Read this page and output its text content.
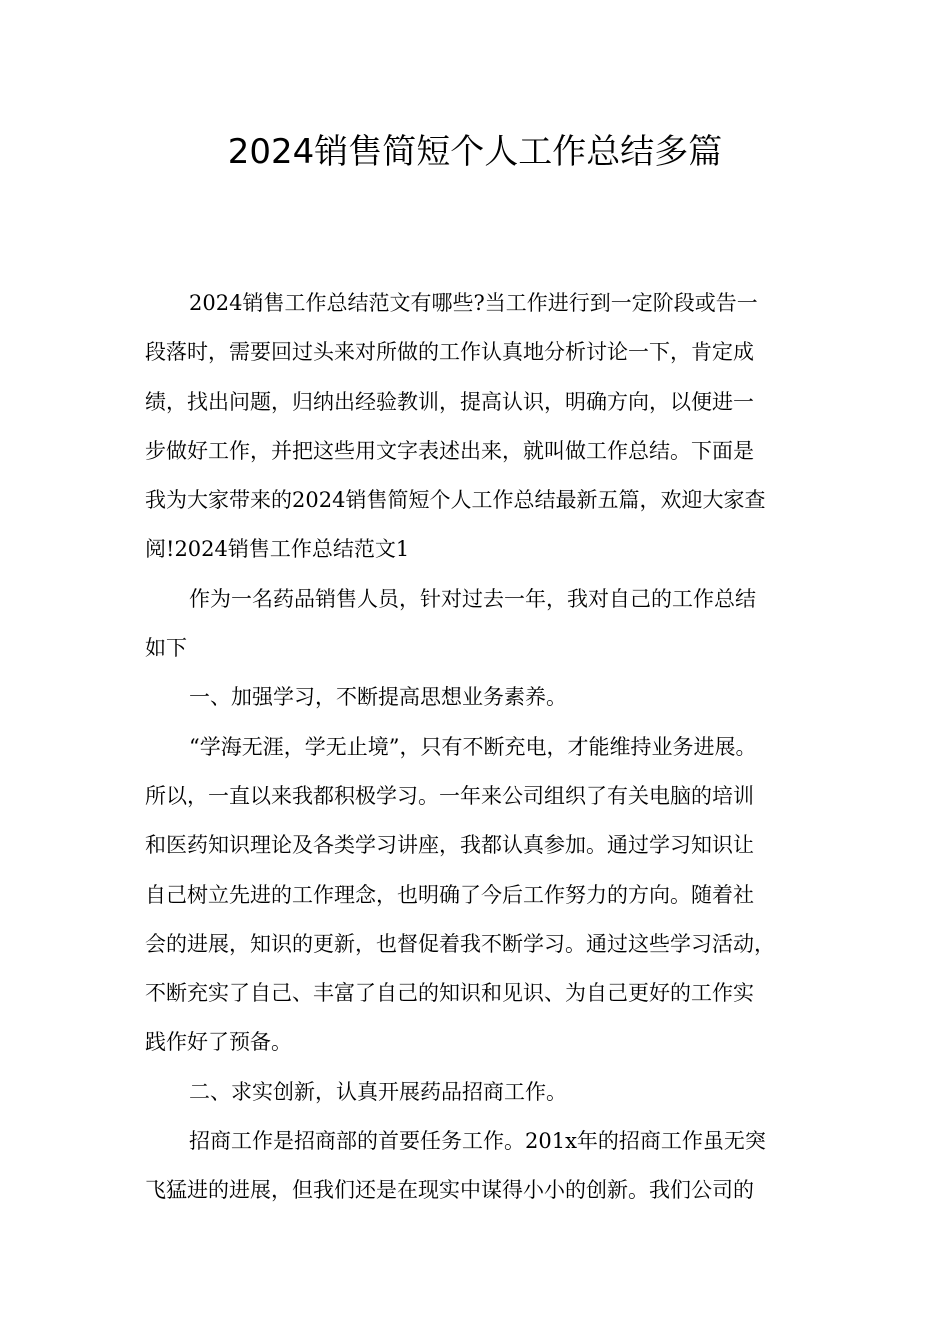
2024销售简短个人工作总结多篇
2024销售工作总结范文有哪些?当工作进行到一定阶段或告一
段落时，需要回过头来对所做的工作认真地分析讨论一下，肯定成
绩，找出问题，归纳出经验教训，提高认识，明确方向，以便进一
步做好工作，并把这些用文字表述出来，就叫做工作总结。下面是
我为大家带来的2024销售简短个人工作总结最新五篇，欢迎大家查
阅!2024销售工作总结范文1
作为一名药品销售人员，针对过去一年，我对自己的工作总结
如下
一、加强学习，不断提高思想业务素养。
“学海无涯，学无止境”，只有不断充电，才能维持业务进展。
所以，一直以来我都积极学习。一年来公司组织了有关电脑的培训
和医药知识理论及各类学习讲座，我都认真参加。通过学习知识让
自己树立先进的工作理念，也明确了今后工作努力的方向。随着社
会的进展，知识的更新，也督促着我不断学习。通过这些学习活动，
不断充实了自己、丰富了自己的知识和见识、为自己更好的工作实
践作好了预备。
二、求实创新，认真开展药品招商工作。
招商工作是招商部的首要任务工作。201x年的招商工作虽无突
飞猛进的进展，但我们还是在现实中谋得小小的创新。我们公司的
